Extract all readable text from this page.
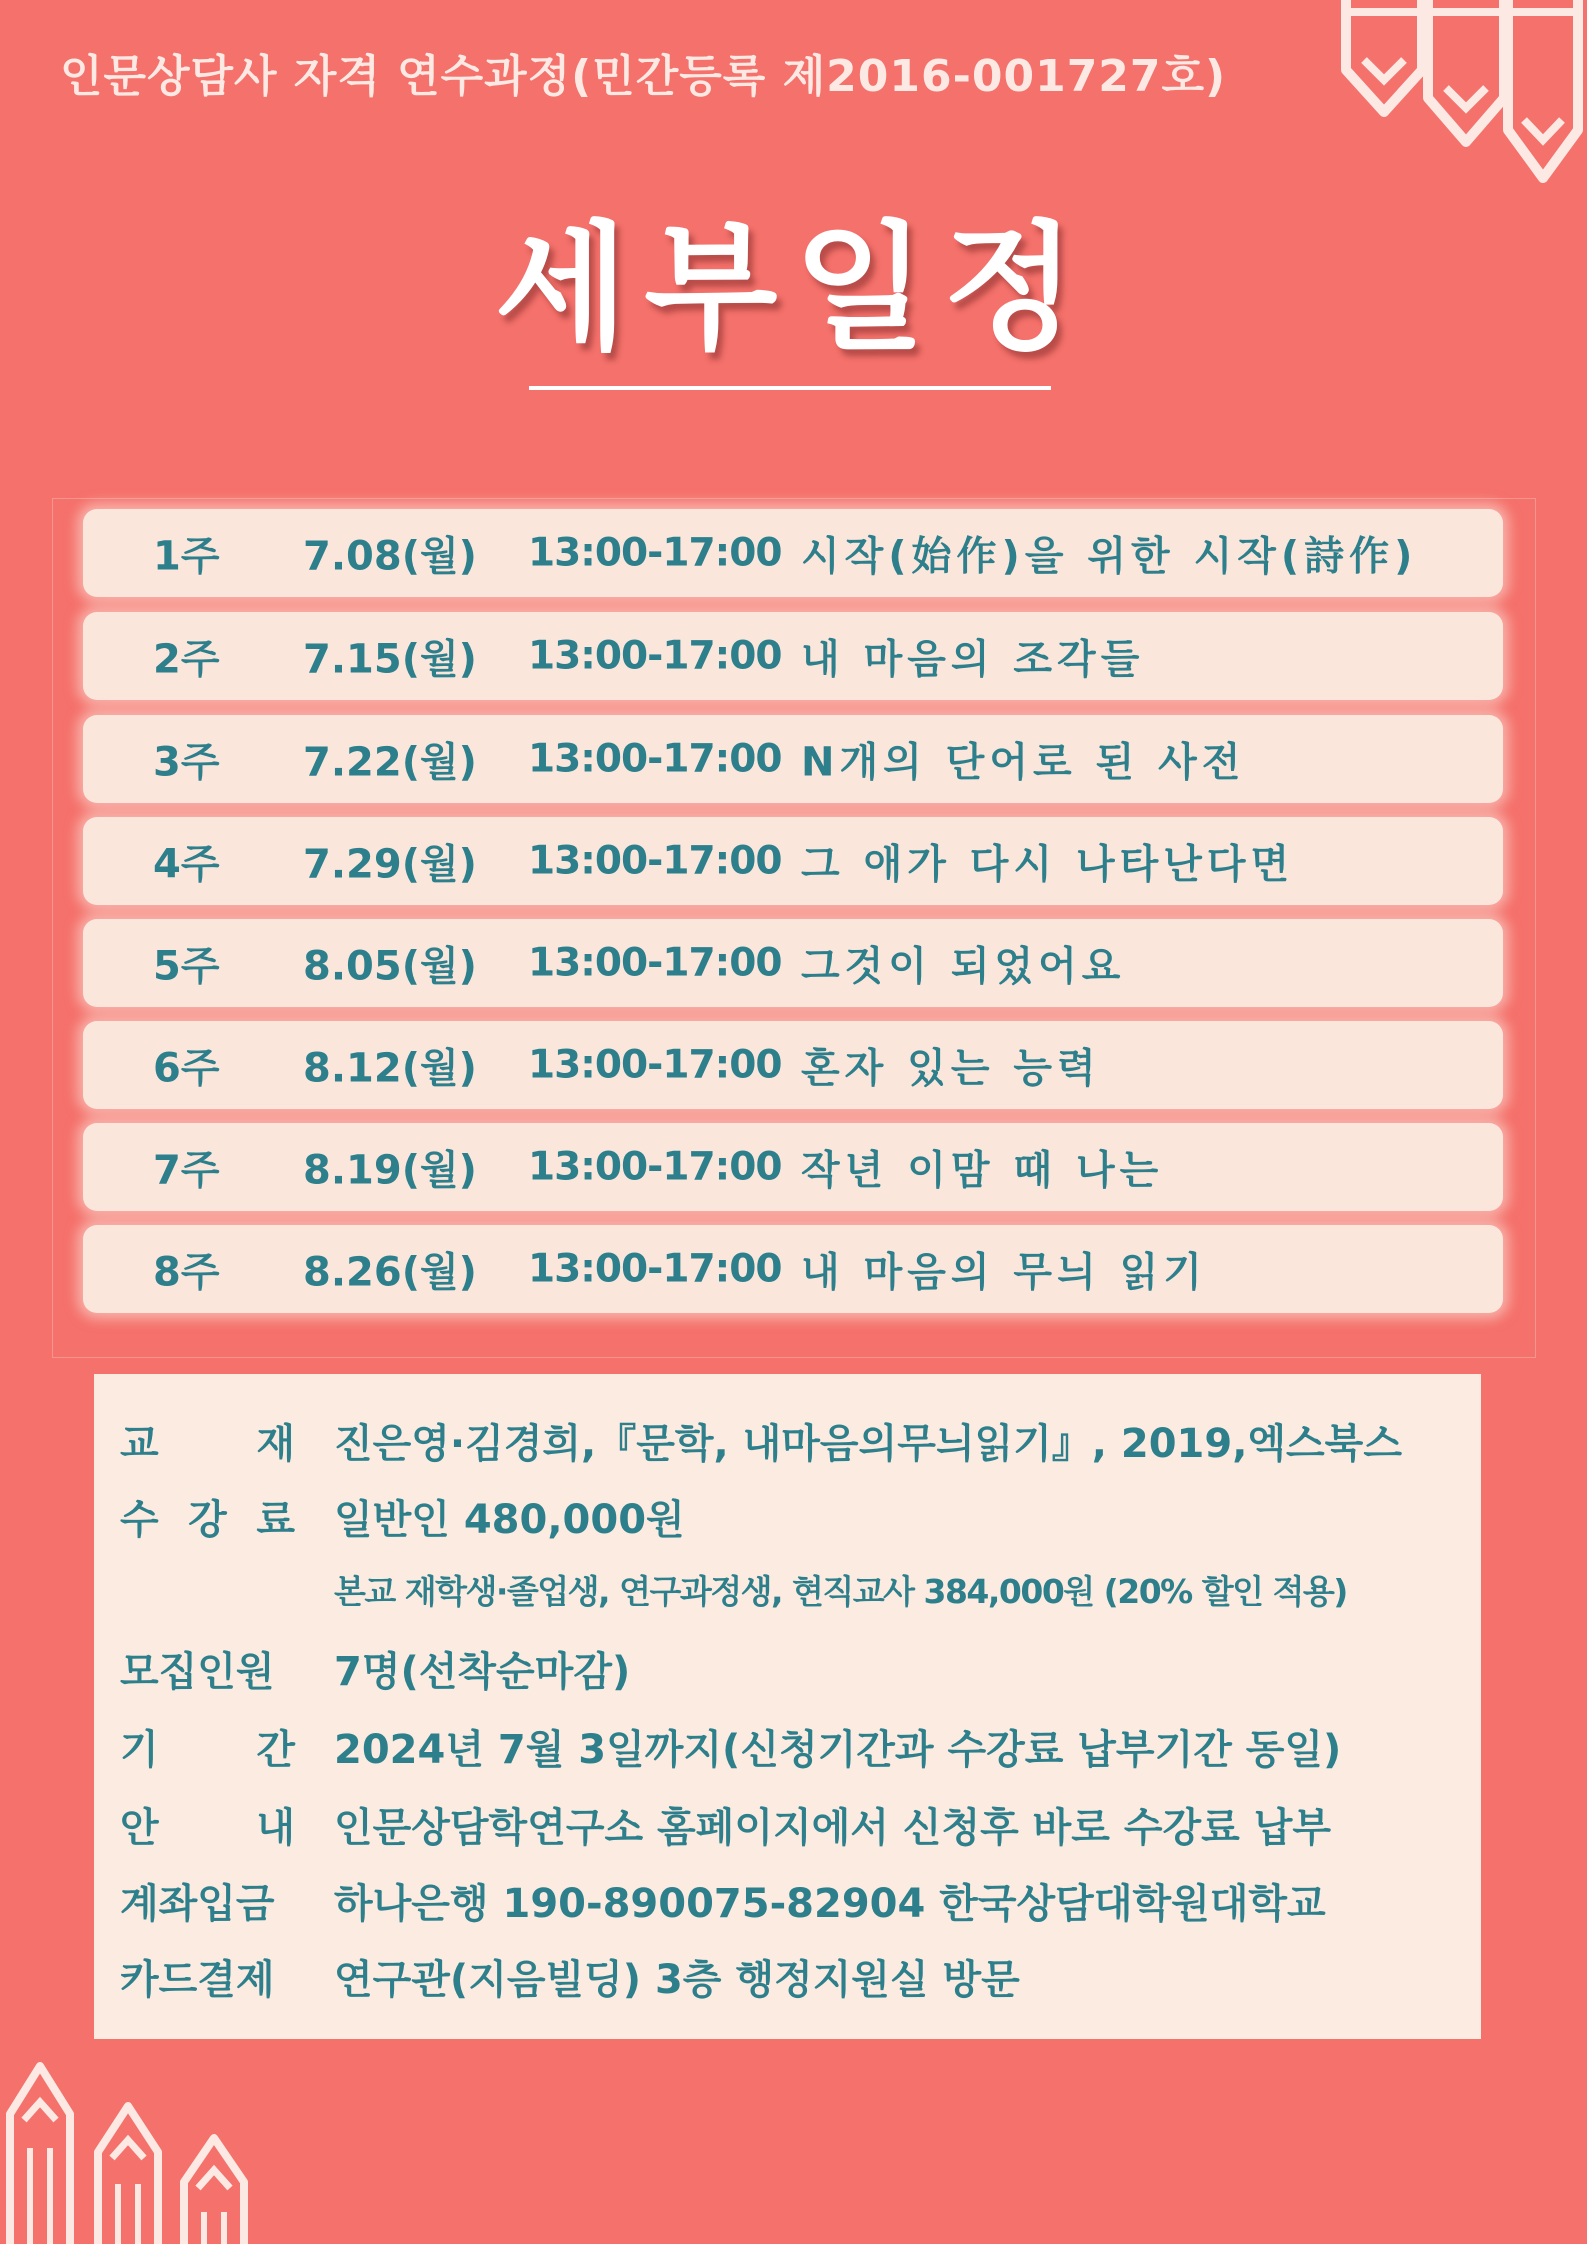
인문상담사 자격 연수과정(민간등록 제2016-001727호)
세부일정
1주 7.08(월) 13:00-17:00 시작(始作)을 위한 시작(詩作)
2주 7.15(월) 13:00-17:00 내 마음의 조각들
3주 7.22(월) 13:00-17:00 N개의 단어로 된 사전
4주 7.29(월) 13:00-17:00 그 애가 다시 나타난다면
5주 8.05(월) 13:00-17:00 그것이 되었어요
6주 8.12(월) 13:00-17:00 혼자 있는 능력
7주 8.19(월) 13:00-17:00 작년 이맘 때 나는
8주 8.26(월) 13:00-17:00 내 마음의 무늬 읽기
교 재 진은영·김경희,『문학, 내마음의무늬읽기』, 2019,엑스북스
수 강 료 일반인 480,000원
본교 재학생·졸업생, 연구과정생, 현직교사 384,000원 (20% 할인 적용)
모집인원 7명(선착순마감)
기 간 2024년 7월 3일까지(신청기간과 수강료 납부기간 동일)
안 내 인문상담학연구소 홈페이지에서 신청후 바로 수강료 납부
계좌입금 하나은행 190-890075-82904 한국상담대학원대학교
카드결제 연구관(지음빌딩) 3층 행정지원실 방문
